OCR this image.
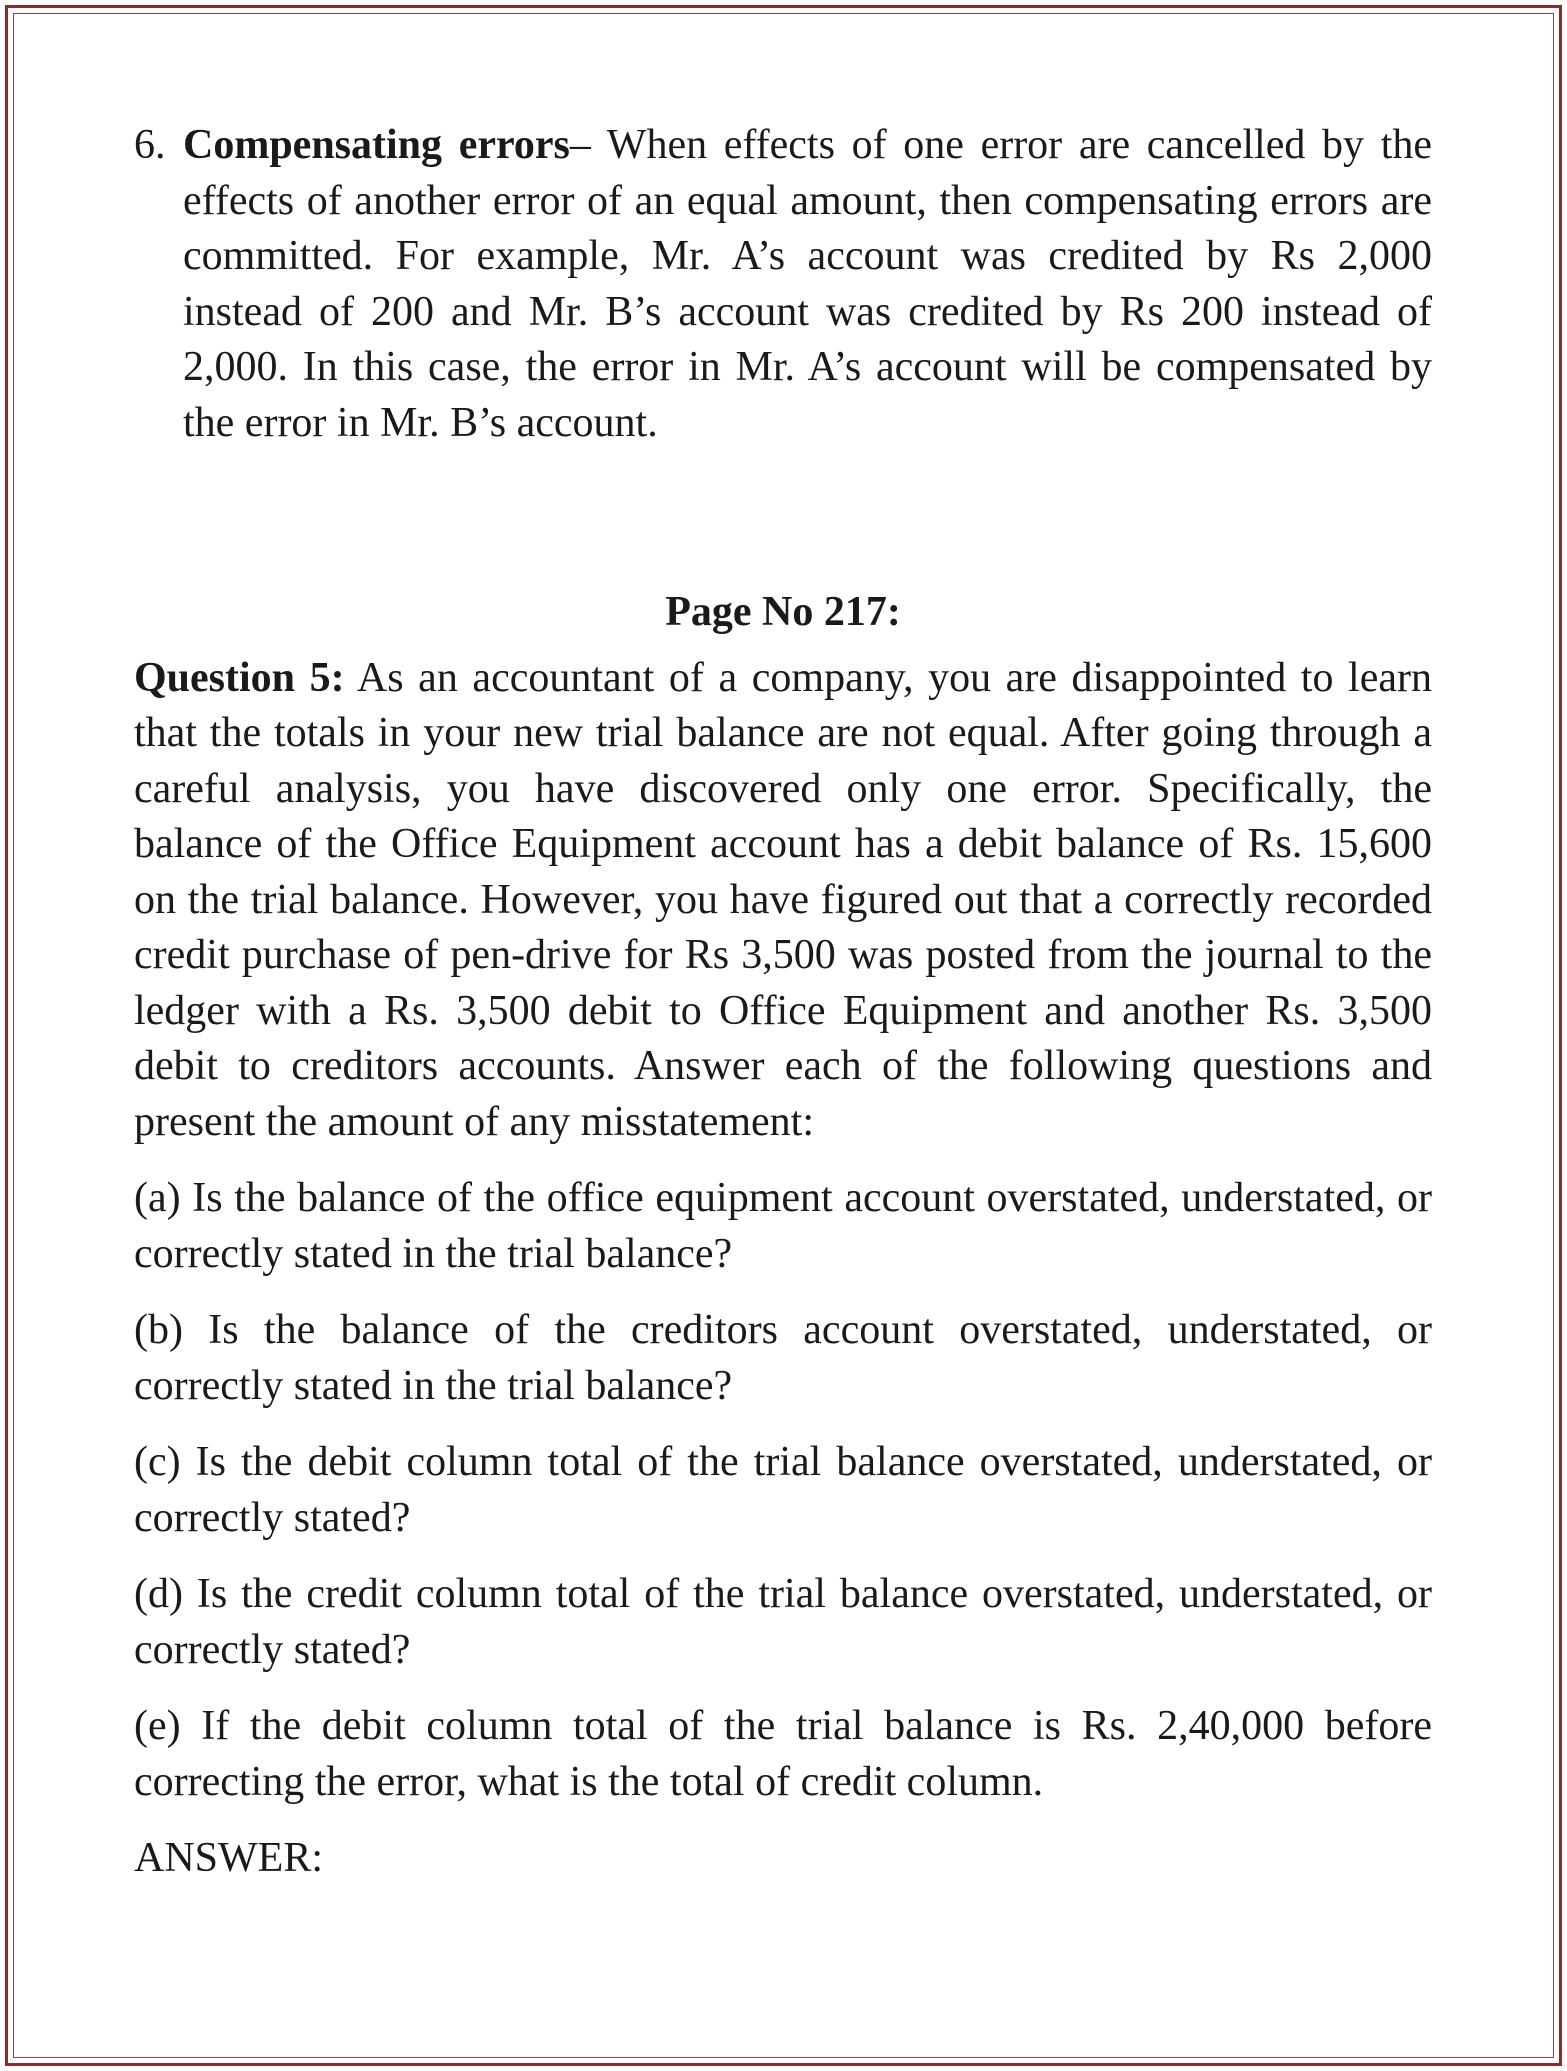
6. Compensating errors– When effects of one error are cancelled by the effects of another error of an equal amount, then compensating errors are committed. For example, Mr. A’s account was credited by Rs 2,000 instead of 200 and Mr. B’s account was credited by Rs 200 instead of 2,000. In this case, the error in Mr. A’s account will be compensated by the error in Mr. B’s account.

Page No 217:

Question 5: As an accountant of a company, you are disappointed to learn that the totals in your new trial balance are not equal. After going through a careful analysis, you have discovered only one error. Specifically, the balance of the Office Equipment account has a debit balance of Rs. 15,600 on the trial balance. However, you have figured out that a correctly recorded credit purchase of pen-drive for Rs 3,500 was posted from the journal to the ledger with a Rs. 3,500 debit to Office Equipment and another Rs. 3,500 debit to creditors accounts. Answer each of the following questions and present the amount of any misstatement:

(a) Is the balance of the office equipment account overstated, understated, or correctly stated in the trial balance?

(b) Is the balance of the creditors account overstated, understated, or correctly stated in the trial balance?

(c) Is the debit column total of the trial balance overstated, understated, or correctly stated?

(d) Is the credit column total of the trial balance overstated, understated, or correctly stated?

(e) If the debit column total of the trial balance is Rs. 2,40,000 before correcting the error, what is the total of credit column.

ANSWER:
